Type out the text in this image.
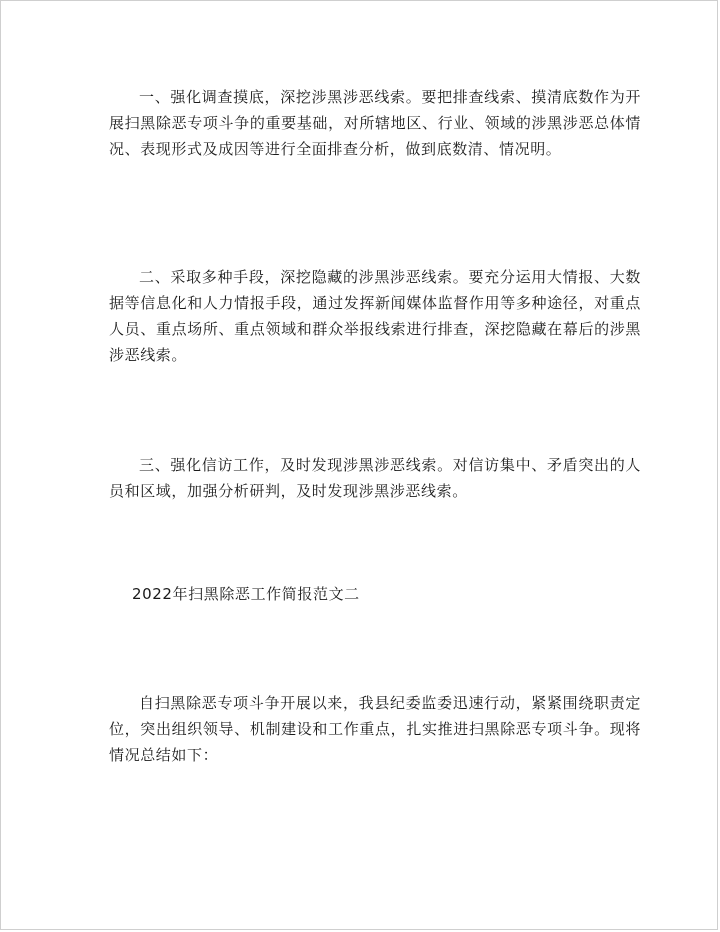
一、强化调查摸底，深挖涉黑涉恶线索。要把排查线索、摸清底数作为开展扫黑除恶专项斗争的重要基础，对所辖地区、行业、领域的涉黑涉恶总体情况、表现形式及成因等进行全面排查分析，做到底数清、情况明。

二、采取多种手段，深挖隐藏的涉黑涉恶线索。要充分运用大情报、大数据等信息化和人力情报手段，通过发挥新闻媒体监督作用等多种途径，对重点人员、重点场所、重点领域和群众举报线索进行排查，深挖隐藏在幕后的涉黑涉恶线索。

三、强化信访工作，及时发现涉黑涉恶线索。对信访集中、矛盾突出的人员和区域，加强分析研判，及时发现涉黑涉恶线索。

2022年扫黑除恶工作简报范文二

自扫黑除恶专项斗争开展以来，我县纪委监委迅速行动，紧紧围绕职责定位，突出组织领导、机制建设和工作重点，扎实推进扫黑除恶专项斗争。现将情况总结如下：
